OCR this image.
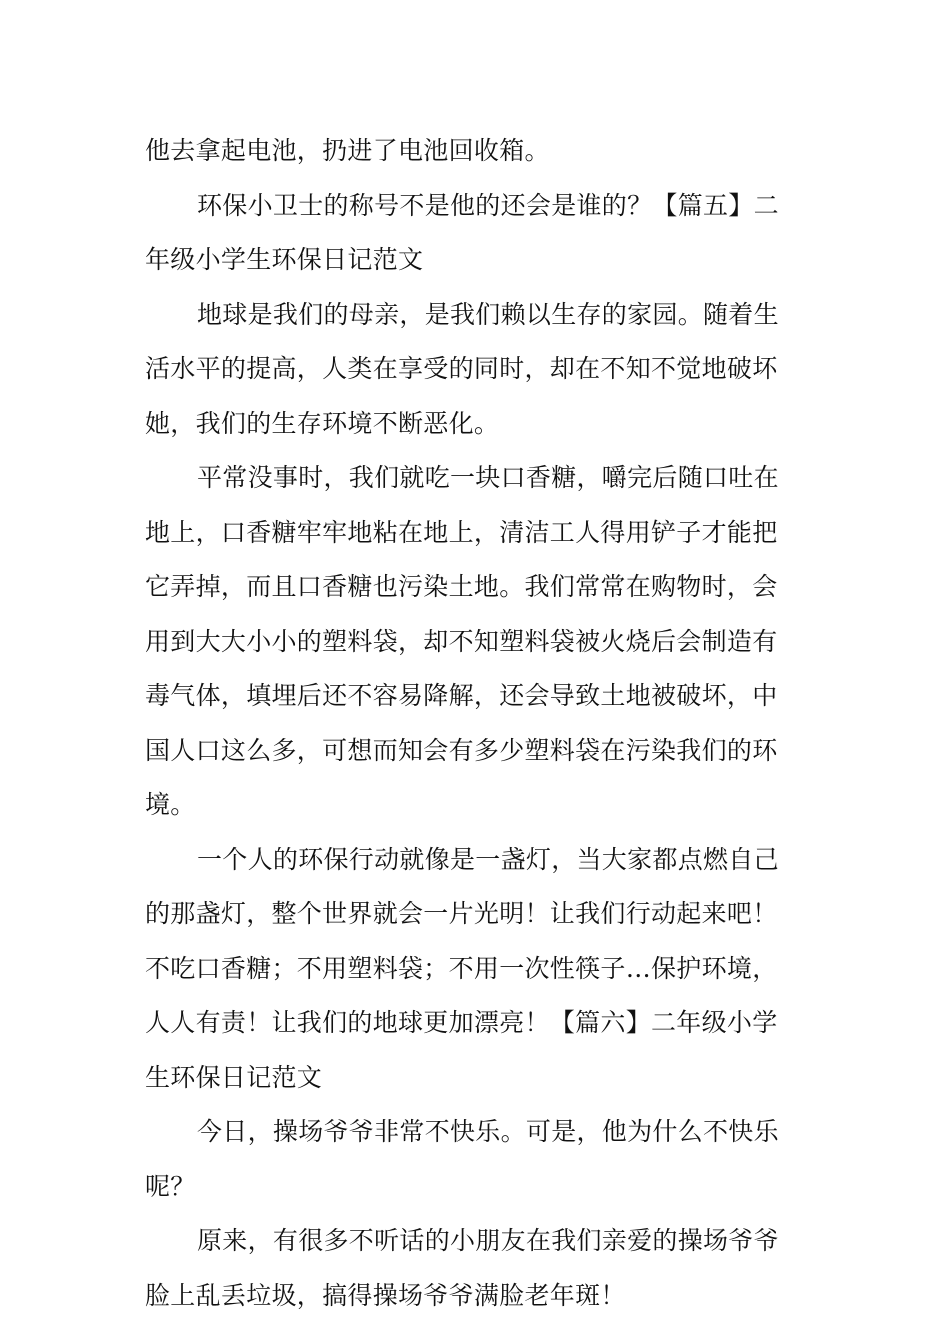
他去拿起电池，扔进了电池回收箱。
环保小卫士的称号不是他的还会是谁的？【篇五】二
年级小学生环保日记范文
地球是我们的母亲，是我们赖以生存的家园。随着生
活水平的提高，人类在享受的同时，却在不知不觉地破坏
她，我们的生存环境不断恶化。
平常没事时，我们就吃一块口香糖，嚼完后随口吐在
地上，口香糖牢牢地粘在地上，清洁工人得用铲子才能把
它弄掉，而且口香糖也污染土地。我们常常在购物时，会
用到大大小小的塑料袋，却不知塑料袋被火烧后会制造有
毒气体，填埋后还不容易降解，还会导致土地被破坏，中
国人口这么多，可想而知会有多少塑料袋在污染我们的环
境。
一个人的环保行动就像是一盏灯，当大家都点燃自己
的那盏灯，整个世界就会一片光明！让我们行动起来吧！
不吃口香糖；不用塑料袋；不用一次性筷子…保护环境，
人人有责！让我们的地球更加漂亮！【篇六】二年级小学
生环保日记范文
今日，操场爷爷非常不快乐。可是，他为什么不快乐
呢？
原来，有很多不听话的小朋友在我们亲爱的操场爷爷
脸上乱丢垃圾，搞得操场爷爷满脸老年斑！
